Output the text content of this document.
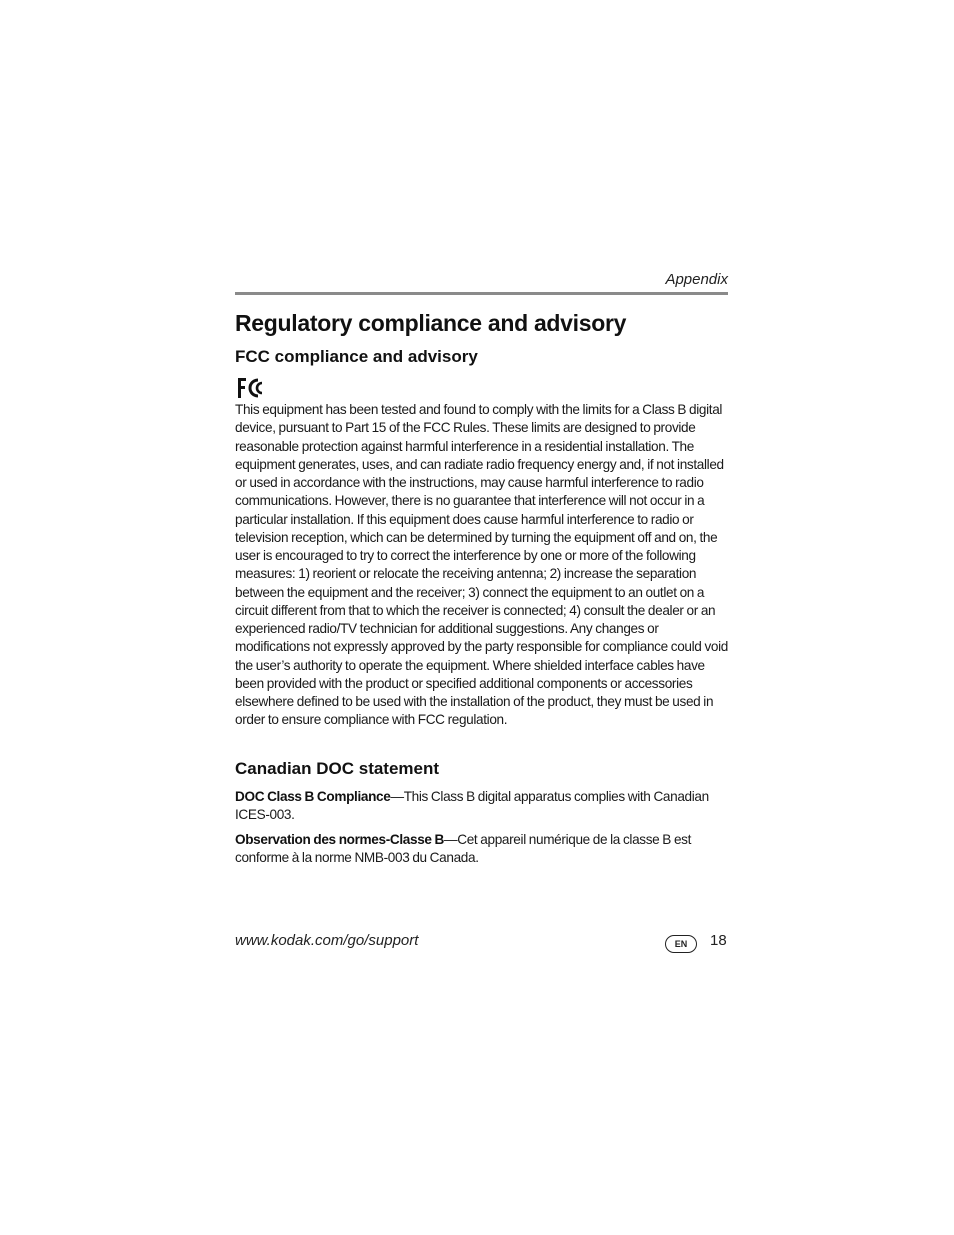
Appendix
Regulatory compliance and advisory
FCC compliance and advisory

This equipment has been tested and found to comply with the limits for a Class B digital device, pursuant to Part 15 of the FCC Rules. These limits are designed to provide reasonable protection against harmful interference in a residential installation. The equipment generates, uses, and can radiate radio frequency energy and, if not installed or used in accordance with the instructions, may cause harmful interference to radio communications. However, there is no guarantee that interference will not occur in a particular installation. If this equipment does cause harmful interference to radio or television reception, which can be determined by turning the equipment off and on, the user is encouraged to try to correct the interference by one or more of the following measures: 1) reorient or relocate the receiving antenna; 2) increase the separation between the equipment and the receiver; 3) connect the equipment to an outlet on a circuit different from that to which the receiver is connected; 4) consult the dealer or an experienced radio/TV technician for additional suggestions. Any changes or modifications not expressly approved by the party responsible for compliance could void the user’s authority to operate the equipment. Where shielded interface cables have been provided with the product or specified additional components or accessories elsewhere defined to be used with the installation of the product, they must be used in order to ensure compliance with FCC regulation.

Canadian DOC statement

DOC Class B Compliance—This Class B digital apparatus complies with Canadian ICES-003.

Observation des normes-Classe B—Cet appareil numérique de la classe B est conforme à la norme NMB-003 du Canada.

www.kodak.com/go/support	EN	18
